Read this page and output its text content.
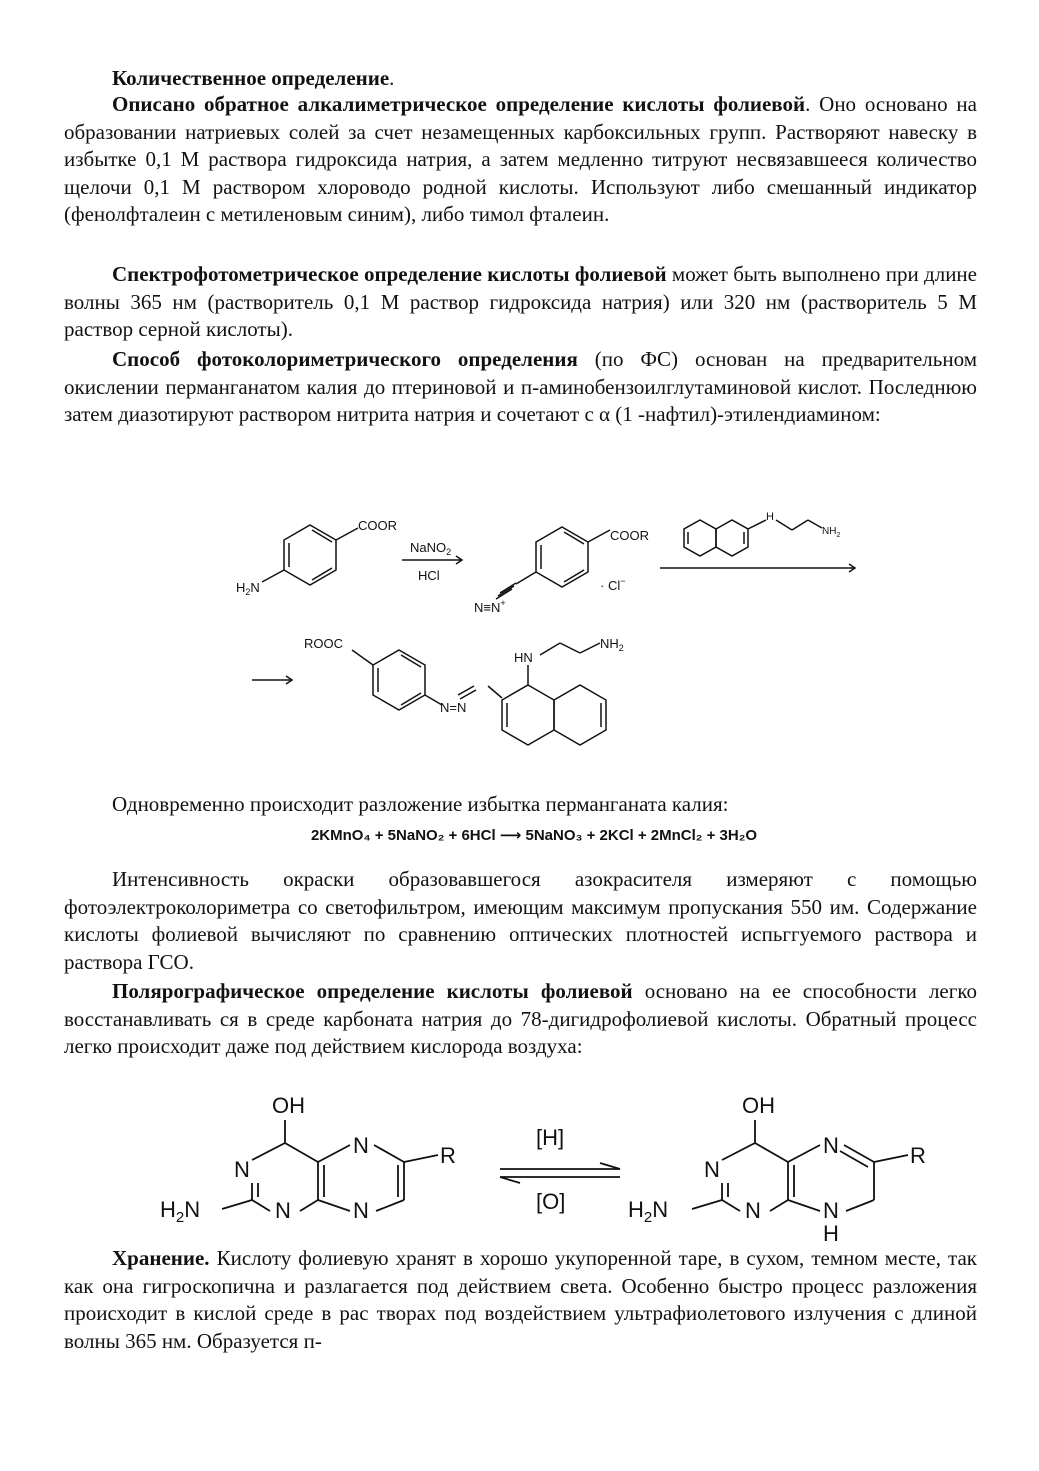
Количественное определение.

Описано обратное алкалиметрическое определение кислоты фолиевой. Оно основано на образовании натриевых солей за счет незамещенных карбоксильных групп. Растворяют навеску в избытке 0,1 М раствора гидроксида натрия, а затем медленно титруют несвязавшееся количество щелочи 0,1 М раствором хлороводо родной кислоты. Используют либо смешанный индикатор (фенолфталеин с метиленовым синим), либо тимол фталеин.

Спектрофотометрическое определение кислоты фолиевой может быть выполнено при длине волны 365 нм (растворитель 0,1 М раствор гидроксида натрия) или 320 нм (растворитель 5 М раствор серной кислоты).

Способ фотоколориметрического определения (по ФС) основан на предварительном окислении перманганатом калия до птериновой и п-аминобензоилглутаминовой кислот. Последнюю затем диазотируют раствором нитрита натрия и сочетают с α (1 -нафтил)-этилендиамином:

COOR
$H_2N$
NaNO$_2$
HCl
COOR
N≡N+
· Cl−
H
$NH_2$
ROOC
N=N
HN
$NH_2$

Одновременно происходит разложение избытка перманганата калия:

2KMnO₄ + 5NaNO₂ + 6HCl ⟶ 5NaNO₃ + 2KCl + 2MnCl₂ + 3H₂O

Интенсивность окраски образовавшегося азокрасителя измеряют с помощью фотоэлектроколориметра со светофильтром, имеющим максимум пропускания 550 им. Содержание кислоты фолиевой вычисляют по сравнению оптических плотностей испьггуемого раствора и раствора ГСО.

Полярографическое определение кислоты фолиевой основано на ее способности легко восстанавливать ся в среде карбоната натрия до 78-дигидрофолиевой кислоты. Обратный процесс легко происходит даже под действием кислорода воздуха:

OH
N
N
N
N
R
$H_2N$
[H]
[O]
OH
N
N
N
N
H
R
$H_2N$

Хранение. Кислоту фолиевую хранят в хорошо укупоренной таре, в сухом, темном месте, так как она гигроскопична и разлагается под действием света. Особенно быстро процесс разложения происходит в кислой среде в рас творах под воздействием ультрафиолетового излучения с длиной волны 365 нм. Образуется п-
